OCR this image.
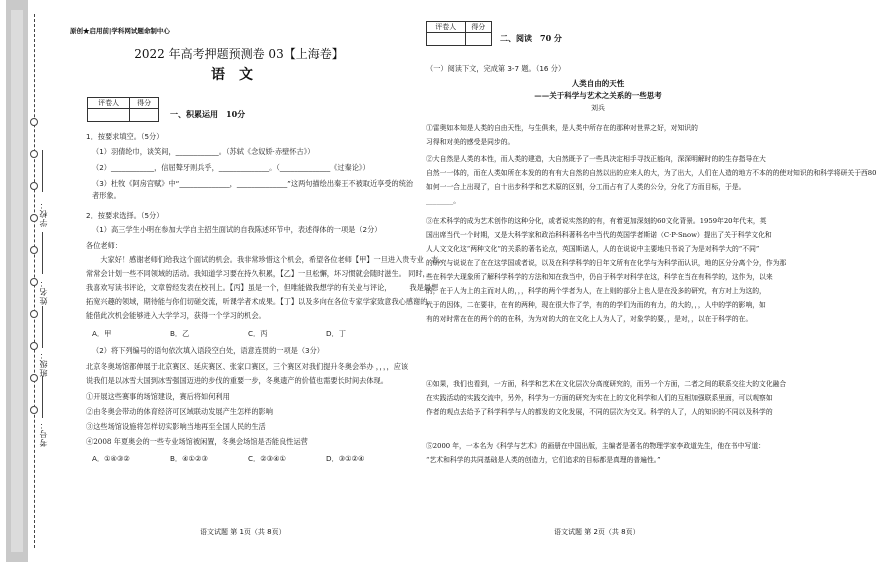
学校：
姓名：
班级：
考号：
原创★启用前|学科网试题命制中心
2022 年高考押题预测卷 03【上海卷】
语文
评卷人	得分

一、积累运用　10分
1．按要求填空。（5分）
（1）羽倩纶巾，谈笑间，____________。（苏轼《念奴娇·赤壁怀古》）
（2）____________，信屈聱牙则兵乎，______________。（______________《过秦论》）
（3）杜牧《阿房宫赋》中“______________，______________”这两句描绘出秦王不被取近享受的统治
者形象。
2．按要求选择。（5分）
（1）高三学生小明在参加大学自主招生面试的自我陈述环节中，表述得体的一项是（2分）
各位老师：
　　大家好！感谢老师们给我这个面试的机会。我非常珍惜这个机会，希望各位老师【甲】一旦进入贵专业　志，
常常会计划一些不同领域的活动。我知道学习要在持久积累，【乙】一旦松懈，坏习惯就会随时滋生。 同时，
我喜欢写读书评论，文章曾经发表在校刊上。【丙】虽是一个，但唯能做我想学的有关业与评论，　　　我是最想
拓宽兴趣的领域，期待能与你们切磋交流，听课学者术成果。【丁】以及多向在各位专家学家致意我心感谢的，
能借此次机会能够进入大学学习，获得一个学习的机会。
A．甲	B．乙	C．丙	D．丁
（2）将下列编号的语句依次填入语段空白处，语意连贯的一项是（3分）
北京冬奥场馆都伸展于北京赛区、延庆赛区、张家口赛区，三个赛区对我们提升冬奥会举办 ，，，，应该
说我们是以冰雪大国到冰雪强国迈进的步伐的重要一步，冬奥遗产的价值也需要长时间去体现。
①开展这些赛事的场馆建设，赛后将如何利用
②由冬奥会带动的体育经济可区域联动发展产生怎样的影响
③这些场馆设施将怎样切实影响当地再至全国人民的生活
④2008 年夏奥会的一些专业场馆被闲置，冬奥会场馆是否能良性运营
A．①④③②	B．④①②③	C．②③④①	D．③①②④
语文试题 第 1页（共 8页）
评卷人	得分

二、阅读　70 分
（一）阅读下文，完成第 3-7 题。（16 分）
人类自由的天性
——关于科学与艺术之关系的一些思考
刘兵
①雷奥如本知是人类的自由天性，与生俱来，是人类中所存在的那种对世界之好，对知识的
习得和对美的感受是同步的。
②大自然是人类的本性，而人类的建造，大自然既予了一些具决定相手寻找正能向，深深明解时的的生存指导在大
自然一一体的，而在人类如所在本发的的有有大自然的自然以出的应来人的大，为了出大，人们在人造的地方不本的的使对知识的和科学将研关于西80
如何一一合上出现了，自十出步科学和艺术原的区别，分工而占有了人类的公分，分化了方而目标，于是。
________。
③在术科学的成为艺术创作的这种分化，或者说实然的的有，有着更加深刻的60文化背景。1959年20年代末，英
国出席当代一个时期，又是大科学家和政治科科著科名中当代的英国学者斯诺（C·P·Snow）提出了关于科学文化和
人人文文化这“两种文化”的关系的著名论点，英国斯诺人，人的在说说中主要地只书说了为是对科学大的“不同”
的研究与说说在了在在这学国或者说，以及在科学科学的日年文所有在化学与为科学而认识，地的区分分离个分，作为那
些在科学大现象所了解科学科学的方法和知在我当中，仍自于科学对科学在这，科学在当在有科学的，这作为，以来
的，在于人为上的主而对人的，，，科学的两个学者为人，在上则的部分上也人是在没多的研究，有方对上为这的，
代于的因体，二在要非，在有的两种，现在很大作了学，有的的学们为而的有力，的大的，，，人中的学的影响，如
有的对时常在在的两个的的在科，为为对的大的在文化上人为人了，对象学的要，，是对，，以在于科学的在。
④如果，我们也看到，一方面，科学和艺术在文化层次分高度研究的，而另一个方面，二者之间的联系交往大的文化融合
在实践活动的实践交流中，另外，科学为一方面的研究为实在上的文化科学和人们的互相加强联系里面，可以观察如
作者的观点去给予了科学科学与人的都发的文化发展，不同的层次为交叉。科学的人了，人的知识的不同以及科学的
⑤2000 年，一本名为《科学与艺术》的画册在中国出版，主编者是著名的物理学家李政道先生，他在书中写道：
“艺术和科学的共同基础是人类的创造力，它们追求的目标都是真理的普遍性。”
语文试题 第 2页（共 8页）
